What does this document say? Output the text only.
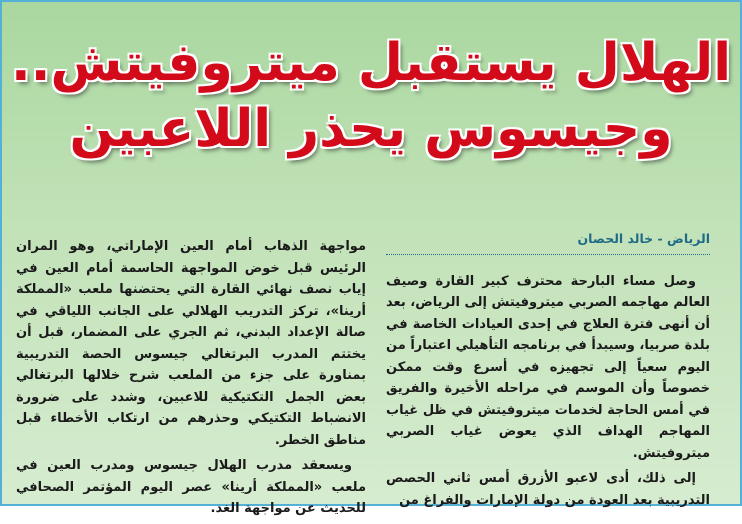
الهلال يستقبل ميتروفيتش..
وجيسوس يحذر اللاعبين
الرياض - خالد الحصان

وصل مساء البارحة محترف كبير القارة وصيف العالم مهاجمه الصربي ميتروفيتش إلى الرياض، بعد أن أنهى فترة العلاج في إحدى العيادات الخاصة في بلدة صربيا، وسيبدأ في برنامجه التأهيلي اعتباراً من اليوم سعياً إلى تجهيزه في أسرع وقت ممكن خصوصاً وأن الموسم في مراحله الأخيرة والفريق في أمس الحاجة لخدمات ميتروفيتش في ظل غياب المهاجم الهداف الذي يعوض غياب الصربي ميتروفيتش.

إلى ذلك، أدى لاعبو الأزرق أمس ثاني الحصص التدريبية بعد العودة من دولة الإمارات والفراغ من

مواجهة الذهاب أمام العين الإماراتي، وهو المران الرئيس قبل خوض المواجهة الحاسمة أمام العين في إياب نصف نهائي القارة التي يحتضنها ملعب «المملكة أرينا»، تركز التدريب الهلالي على الجانب اللياقي في صالة الإعداد البدني، ثم الجري على المضمار، قبل أن يختتم المدرب البرتغالي جيسوس الحصة التدريبية بمناورة على جزء من الملعب شرح خلالها البرتغالي بعض الجمل التكتيكية للاعبين، وشدد على ضرورة الانضباط التكتيكي وحذرهم من ارتكاب الأخطاء قبل مناطق الخطر.

ويسعقد مدرب الهلال جيسوس ومدرب العين في ملعب «المملكة أرينا» عصر اليوم المؤتمر الصحافي للحديث عن مواجهة الغد.
